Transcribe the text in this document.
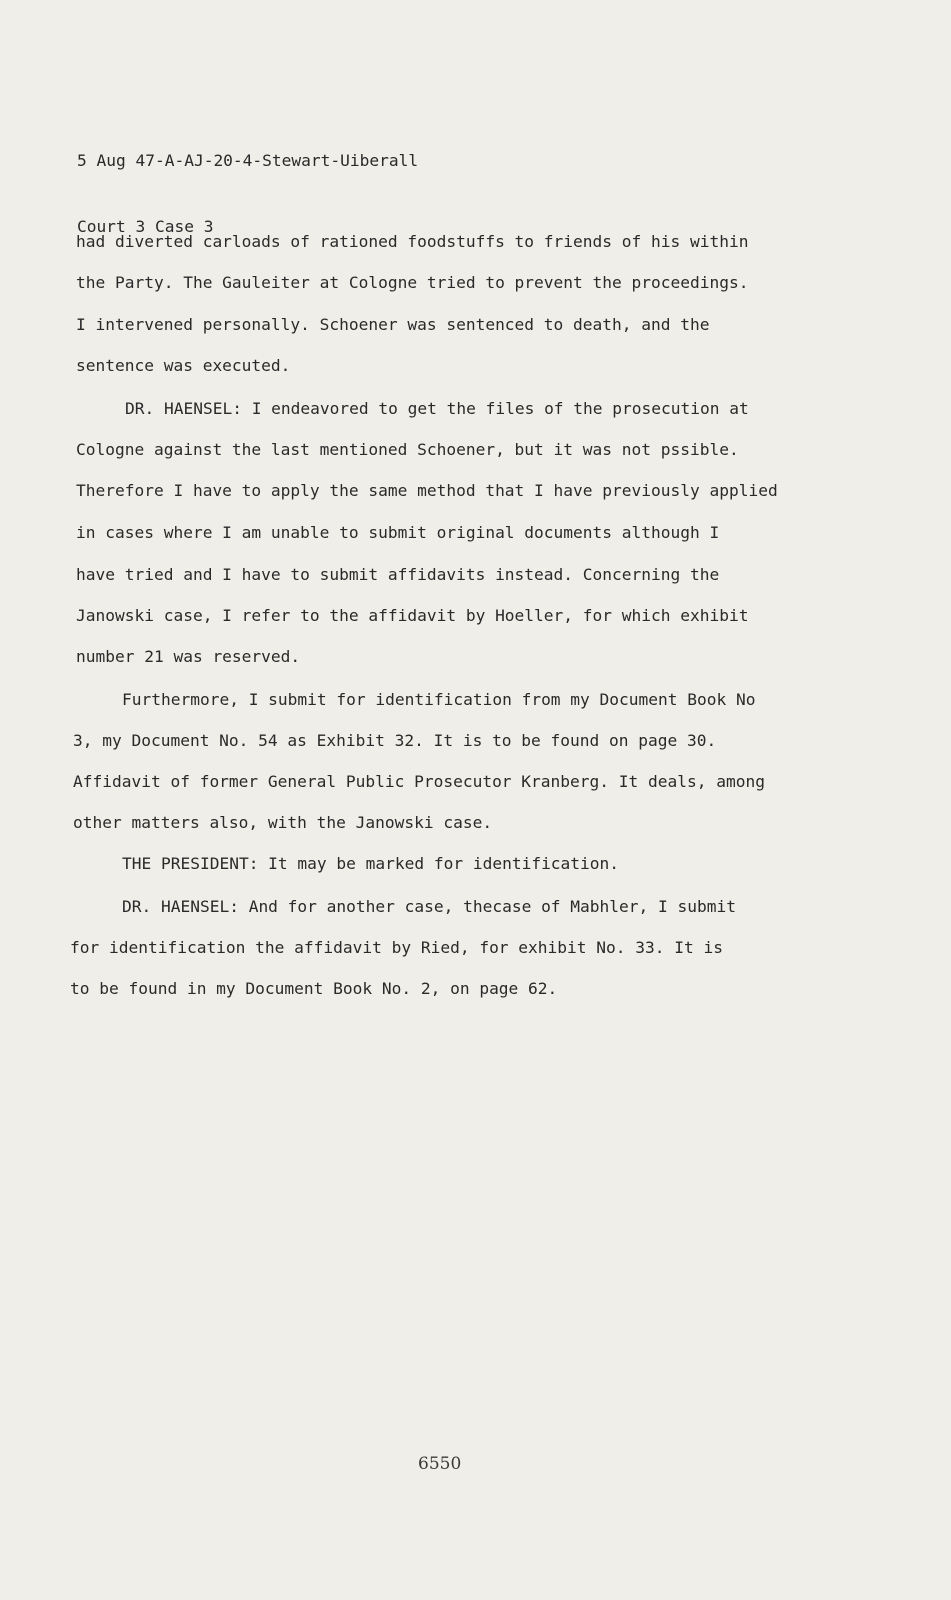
5 Aug 47-A-AJ-20-4-Stewart-Uiberall

Court 3 Case 3

had diverted carloads of rationed foodstuffs to friends of his within
the Party. The Gauleiter at Cologne tried to prevent the proceedings.
I intervened personally. Schoener was sentenced to death, and the
sentence was executed.
DR. HAENSEL: I endeavored to get the files of the prosecution at
Cologne against the last mentioned Schoener, but it was not pssible.
Therefore I have to apply the same method that I have previously applied
in cases where I am unable to submit original documents although I
have tried and I have to submit affidavits instead. Concerning the
Janowski case, I refer to the affidavit by Hoeller, for which exhibit
number 21 was reserved.
Furthermore, I submit for identification from my Document Book No
3, my Document No. 54 as Exhibit 32. It is to be found on page 30.
Affidavit of former General Public Prosecutor Kranberg. It deals, among
other matters also, with the Janowski case.
THE PRESIDENT: It may be marked for identification.
DR. HAENSEL: And for another case, thecase of Mabhler, I submit
for identification the affidavit by Ried, for exhibit No. 33. It is
to be found in my Document Book No. 2, on page 62.
6550
